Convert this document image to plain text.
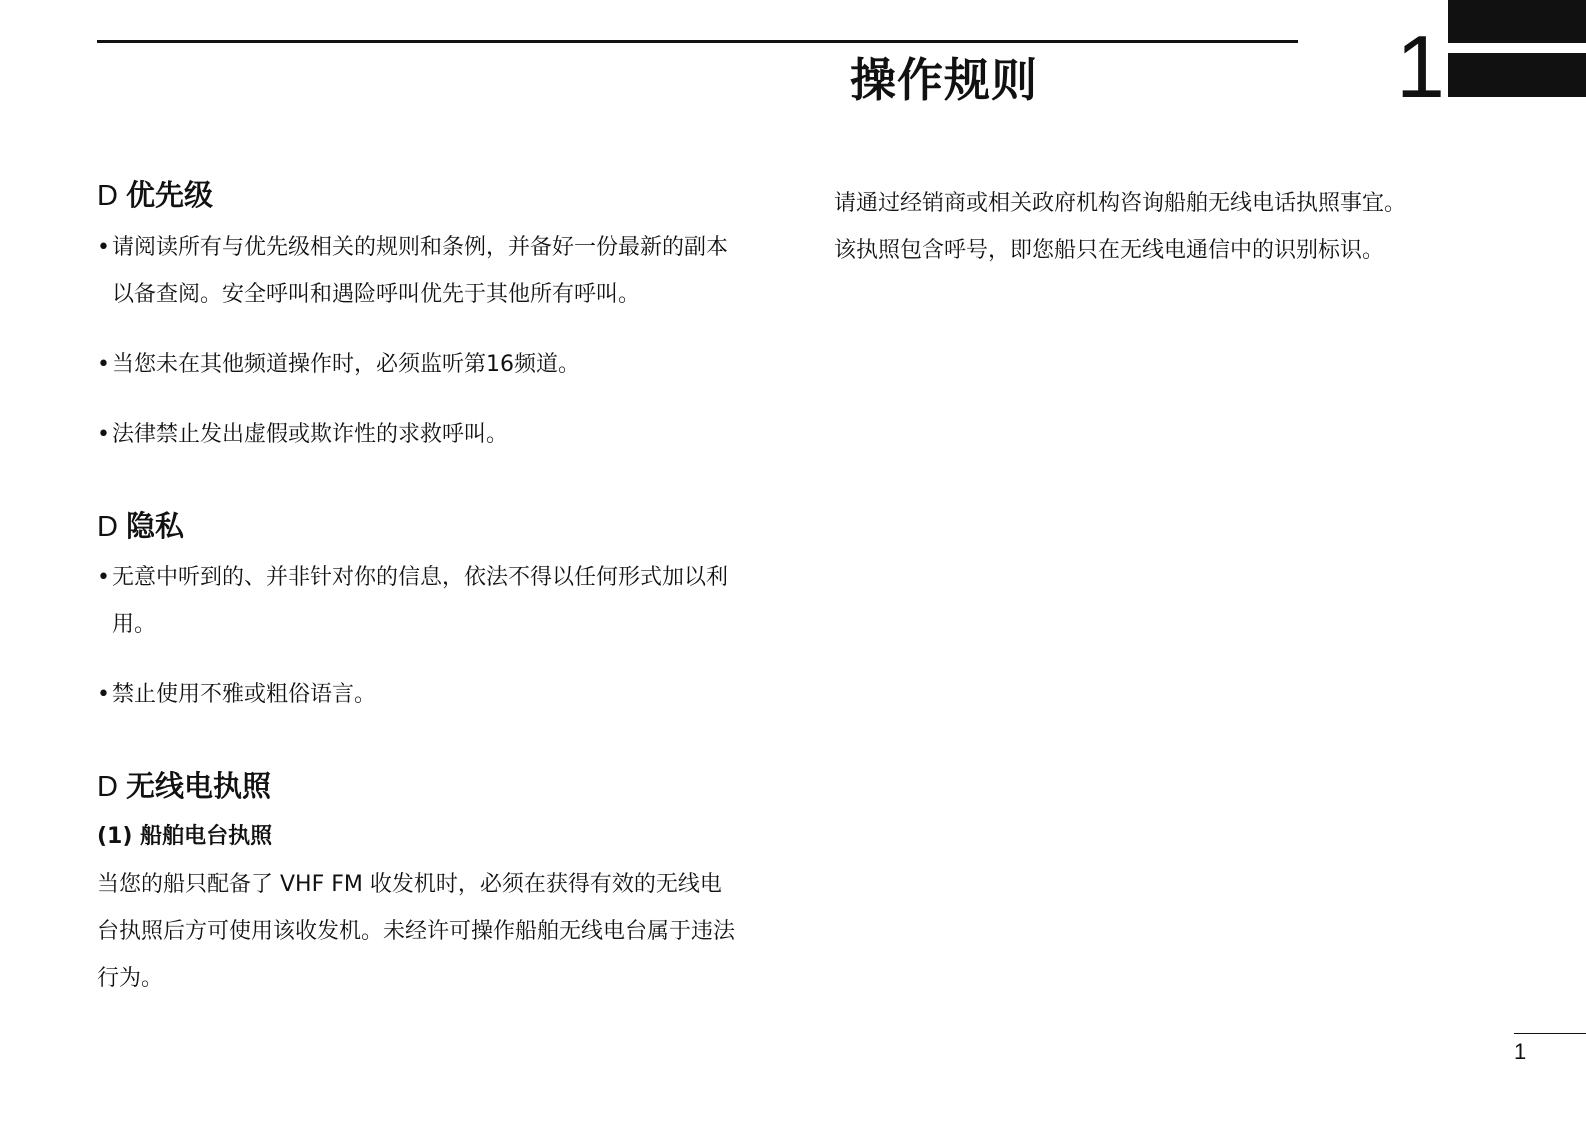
操作规则	1
D 优先级
• 请阅读所有与优先级相关的规则和条例，并备好一份最新的副本以备查阅。安全呼叫和遇险呼叫优先于其他所有呼叫。
• 当您未在其他频道操作时，必须监听第16频道。
• 法律禁止发出虚假或欺诈性的求救呼叫。
D 隐私
• 无意中听到的、并非针对你的信息，依法不得以任何形式加以利用。
• 禁止使用不雅或粗俗语言。
D 无线电执照
(1) 船舶电台执照
当您的船只配备了 VHF FM 收发机时，必须在获得有效的无线电台执照后方可使用该收发机。未经许可操作船舶无线电台属于违法行为。
请通过经销商或相关政府机构咨询船舶无线电话执照事宜。
该执照包含呼号，即您船只在无线电通信中的识别标识。
1
